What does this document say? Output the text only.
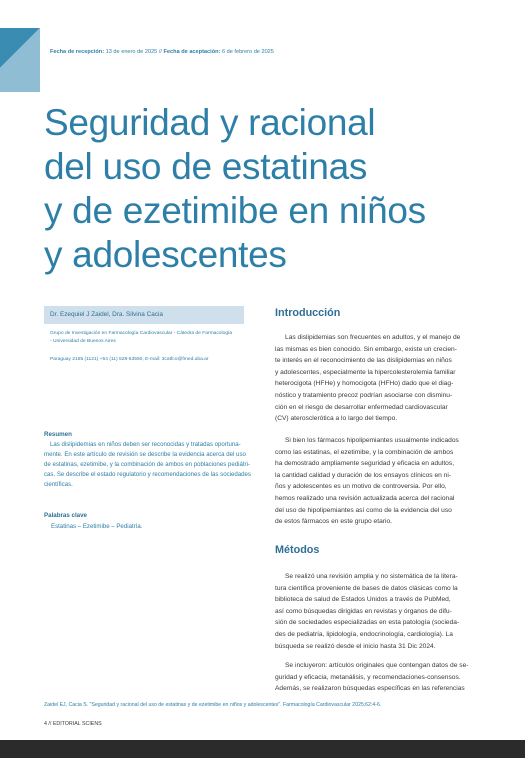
Fecha de recepción: 13 de enero de 2025 // Fecha de aceptación: 6 de febrero de 2025
Seguridad y racional
del uso de estatinas
y de ezetimibe en niños
y adolescentes
Dr. Ezequiel J Zaidel, Dra. Silvina Cacia
Grupo de Investigación en Farmacología Cardiovascular - Cátedra de Farmacología
- Universidad de Buenos Aires
Paraguay 2155 (1121) +54 (11) 528-53550, E-mail: 3catfco@fmed.uba.ar
Resumen
Las dislipidemias en niños deben ser reconocidas y tratadas oportuna-
mente. En este artículo de revisión se describe la evidencia acerca del uso
de estatinas, ezetimibe, y la combinación de ambos en poblaciones pediátri-
cas. Se describe el estado regulatorio y recomendaciones de las sociedades
científicas.
Palabras clave
Estatinas – Ezetimibe – Pediatría.
Introducción
Las dislipidemias son frecuentes en adultos, y el manejo de
las mismas es bien conocido. Sin embargo, existe un crecien-
te interés en el reconocimiento de las dislipidemias en niños
y adolescentes, especialmente la hipercolesterolemia familiar
heterocigota (HFHe) y homocigota (HFHo) dado que el diag-
nóstico y tratamiento precoz podrían asociarse con disminu-
ción en el riesgo de desarrollar enfermedad cardiovascular
(CV) aterosclerótica a lo largo del tiempo.
Si bien los fármacos hipolipemiantes usualmente indicados
como las estatinas, el ezetimibe, y la combinación de ambos
ha demostrado ampliamente seguridad y eficacia en adultos,
la cantidad calidad y duración de los ensayos clínicos en ni-
ños y adolescentes es un motivo de controversia. Por ello,
hemos realizado una revisión actualizada acerca del racional
del uso de hipolipemiantes así como de la evidencia del uso
de estos fármacos en este grupo etario.
Métodos
Se realizó una revisión amplia y no sistemática de la litera-
tura científica proveniente de bases de datos clásicas como la
biblioteca de salud de Estados Unidos a través de PubMed,
así como búsquedas dirigidas en revistas y órganos de difu-
sión de sociedades especializadas en esta patología (socieda-
des de pediatría, lipidología, endocrinología, cardiología). La
búsqueda se realizó desde el inicio hasta 31 Dic 2024.
Se incluyeron: artículos originales que contengan datos de se-
guridad y eficacia, metanálisis, y recomendaciones-consensos.
Además, se realizaron búsquedas específicas en las referencias
Zaidel EJ, Cacia S. "Seguridad y racional del uso de estatinas y de ezetimibe en niños y adolescentes". Farmacología Cardiovascular 2025;62:4-6.
4 // EDITORIAL SCIENS
